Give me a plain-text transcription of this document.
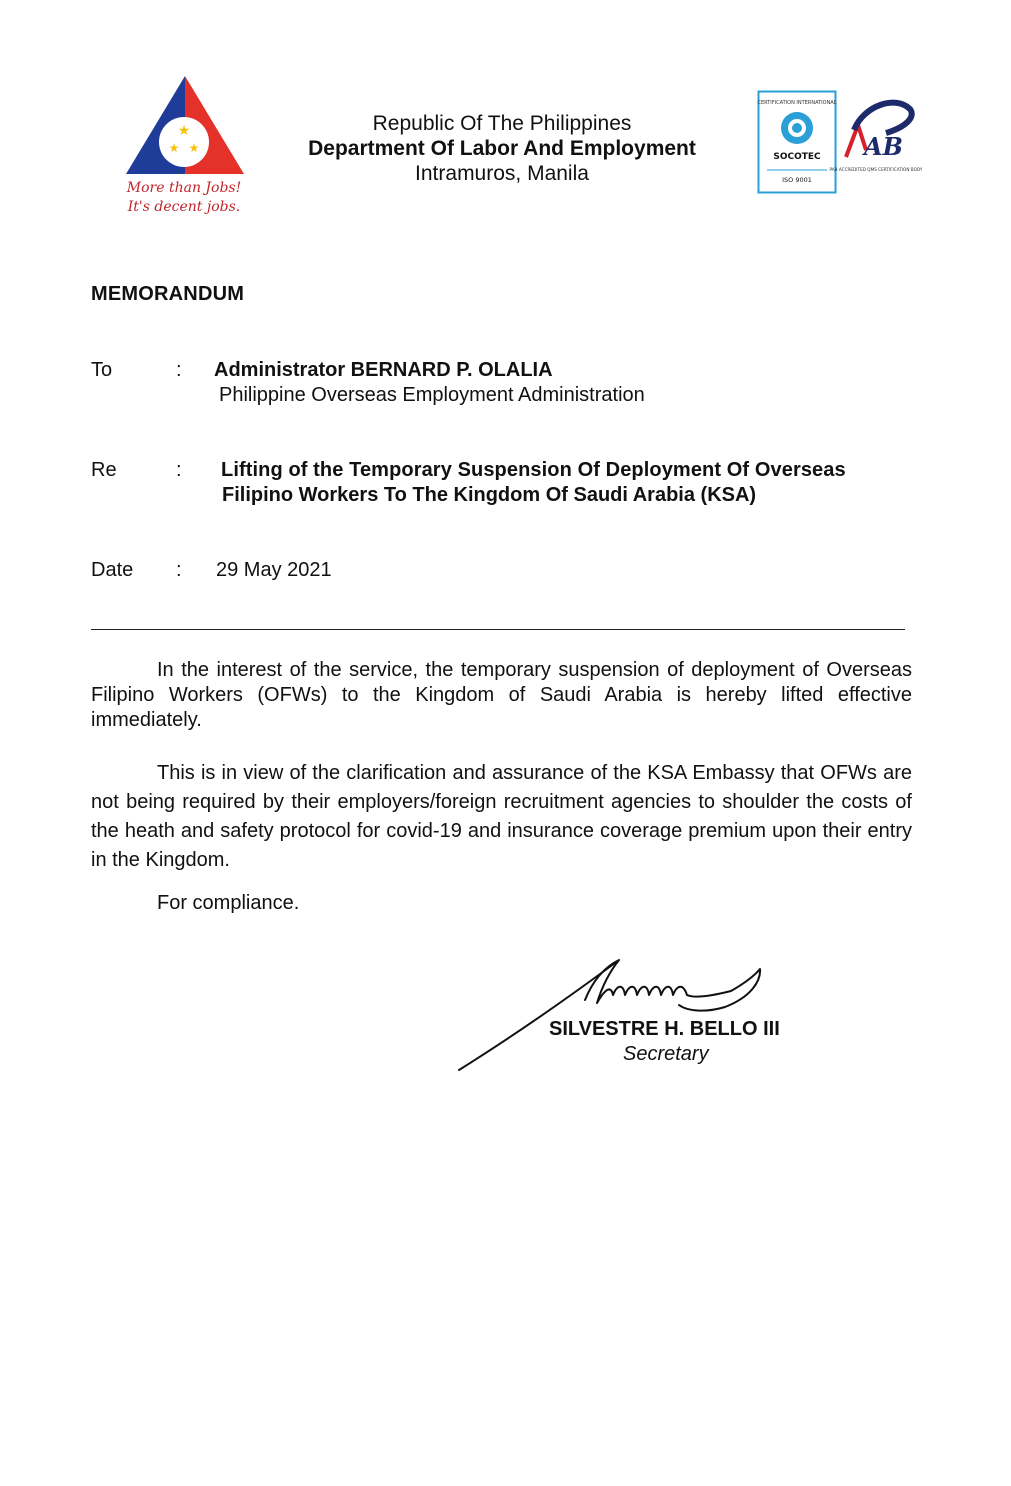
★
★ ★
More than Jobs!
It's decent jobs.
Republic Of The Philippines
Department Of Labor And Employment
Intramuros, Manila
CERTIFICATION INTERNATIONAL
SOCOTEC
ISO 9001
AB
PAB ACCREDITED QMS CERTIFICATION BODY
MEMORANDUM
To	: Administrator BERNARD P. OLALIA
Philippine Overseas Employment Administration
Re	: Lifting of the Temporary Suspension Of Deployment Of Overseas
Filipino Workers To The Kingdom Of Saudi Arabia (KSA)
Date : 29 May 2021
In the interest of the service, the temporary suspension of deployment of Overseas Filipino Workers (OFWs) to the Kingdom of Saudi Arabia is hereby lifted effective immediately.
This is in view of the clarification and assurance of the KSA Embassy that OFWs are not being required by their employers/foreign recruitment agencies to shoulder the costs of the heath and safety protocol for covid-19 and insurance coverage premium upon their entry in the Kingdom.
For compliance.
SILVESTRE H. BELLO III
Secretary
